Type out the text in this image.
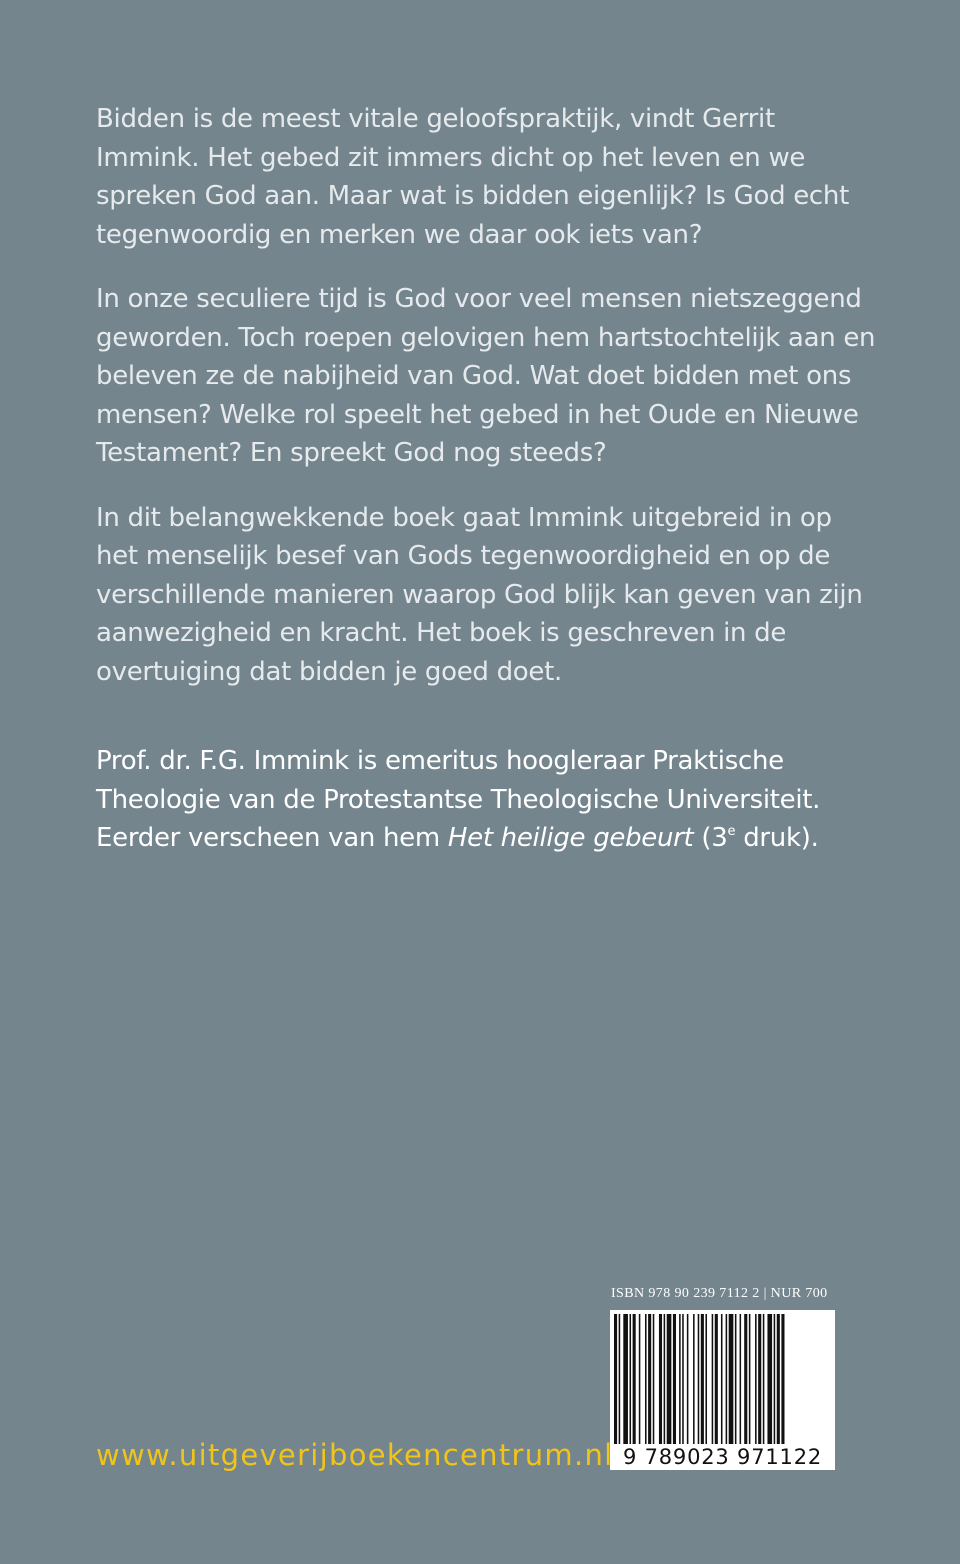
Bidden is de meest vitale geloofspraktijk, vindt Gerrit Immink. Het gebed zit immers dicht op het leven en we spreken God aan. Maar wat is bidden eigenlijk? Is God echt tegenwoordig en merken we daar ook iets van?

In onze seculiere tijd is God voor veel mensen nietszeggend geworden. Toch roepen gelovigen hem hartstochtelijk aan en beleven ze de nabijheid van God. Wat doet bidden met ons mensen? Welke rol speelt het gebed in het Oude en Nieuwe Testament? En spreekt God nog steeds?

In dit belangwekkende boek gaat Immink uitgebreid in op het menselijk besef van Gods tegenwoordigheid en op de verschillende manieren waarop God blijk kan geven van zijn aanwezigheid en kracht. Het boek is geschreven in de overtuiging dat bidden je goed doet.

Prof. dr. F.G. Immink is emeritus hoogleraar Praktische Theologie van de Protestantse Theologische Universiteit. Eerder verscheen van hem Het heilige gebeurt (3e druk).

ISBN 978 90 239 7112 2 | NUR 700
9 789023 971122
www.uitgeverijboekencentrum.nl
